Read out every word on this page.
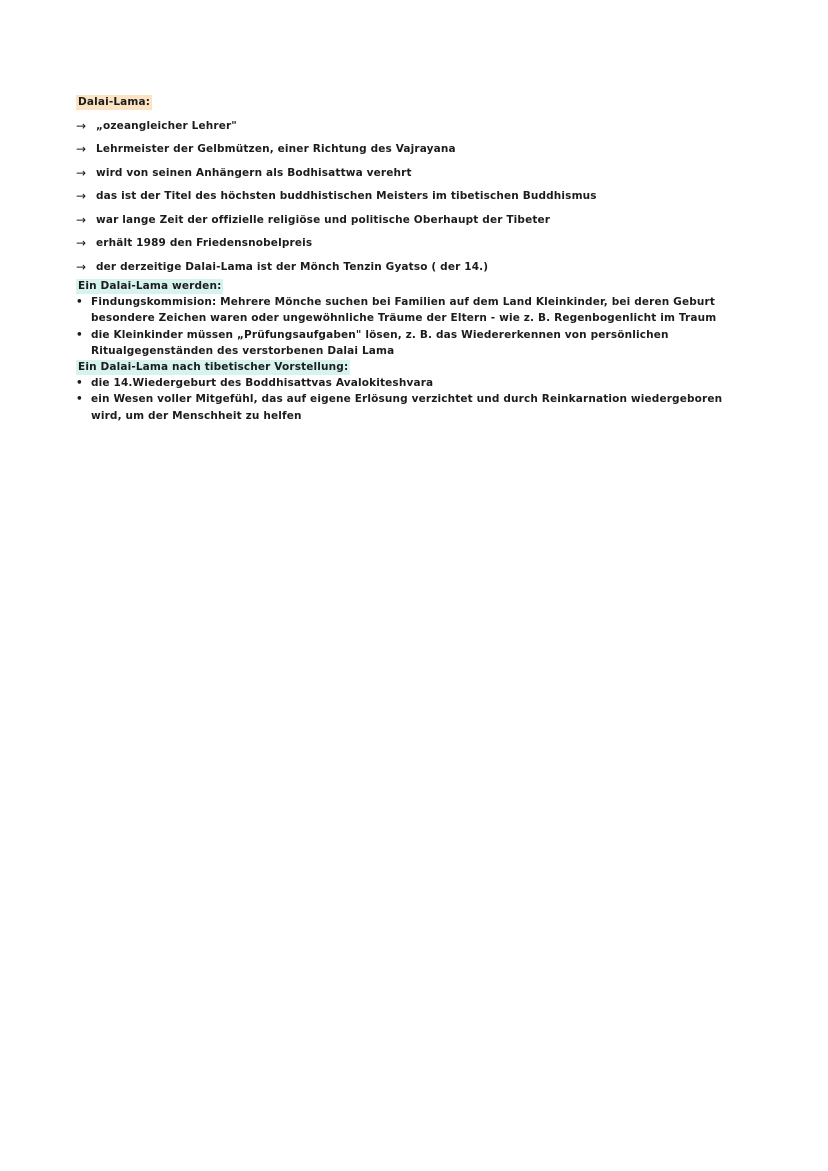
Dalai-Lama:
→ „ozeangleicher Lehrer"
→ Lehrmeister der Gelbmützen, einer Richtung des Vajrayana
→ wird von seinen Anhängern als Bodhisattwa verehrt
→ das ist der Titel des höchsten buddhistischen Meisters im tibetischen Buddhismus
→ war lange Zeit der offizielle religiöse und politische Oberhaupt der Tibeter
→ erhält 1989 den Friedensnobelpreis
→ der derzeitige Dalai-Lama ist der Mönch Tenzin Gyatso ( der 14.)
Ein Dalai-Lama werden:
• Findungskommision: Mehrere Mönche suchen bei Familien auf dem Land Kleinkinder, bei deren Geburt besondere Zeichen waren oder ungewöhnliche Träume der Eltern - wie z. B. Regenbogenlicht im Traum
• die Kleinkinder müssen „Prüfungsaufgaben" lösen, z. B. das Wiedererkennen von persönlichen Ritualgegenständen des verstorbenen Dalai Lama
Ein Dalai-Lama nach tibetischer Vorstellung:
• die 14.Wiedergeburt des Boddhisattvas Avalokiteshvara
• ein Wesen voller Mitgefühl, das auf eigene Erlösung verzichtet und durch Reinkarnation wiedergeboren wird, um der Menschheit zu helfen
